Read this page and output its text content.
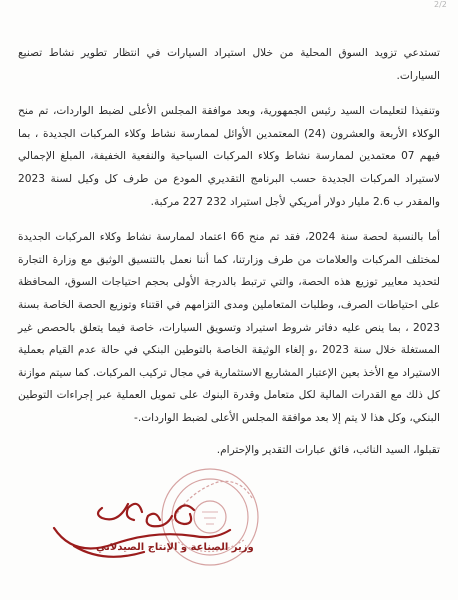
2/2

تستدعي تزويد السوق المحلية من خلال استيراد السيارات في انتظار تطوير نشاط تصنيع السيارات.

وتنفيذا لتعليمات السيد رئيس الجمهورية، وبعد موافقة المجلس الأعلى لضبط الواردات، تم منح الوكلاء الأربعة والعشرون (24) المعتمدين الأوائل لممارسة نشاط وكلاء المركبات الجديدة ، بما فيهم 07 معتمدين لممارسة نشاط وكلاء المركبات السياحية والنفعية الخفيفة، المبلغ الإجمالي لاستيراد المركبات الجديدة حسب البرنامج التقديري المودع من طرف كل وكيل لسنة 2023 والمقدر ب 2.6 مليار دولار أمريكي لأجل استيراد 232 227 مركبة.

أما بالنسبة لحصة سنة 2024، فقد تم منح 66 اعتماد لممارسة نشاط وكلاء المركبات الجديدة لمختلف المركبات والعلامات من طرف وزارتنا، كما أننا نعمل بالتنسيق الوثيق مع وزارة التجارة لتحديد معايير توزيع هذه الحصة، والتي ترتبط بالدرجة الأولى بحجم احتياجات السوق، المحافظة على احتياطات الصرف، وطلبات المتعاملين ومدى التزامهم في اقتناء وتوزيع الحصة الخاصة بسنة 2023 ، بما ينص عليه دفاتر شروط استيراد وتسويق السيارات، خاصة فيما يتعلق بالحصص غير المستغلة خلال سنة 2023 ،و إلغاء الوثيقة الخاصة بالتوطين البنكي في حالة عدم القيام بعملية الاستيراد مع الأخذ بعين الإعتبار المشاريع الاستثمارية في مجال تركيب المركبات. كما سيتم موازنة كل ذلك مع القدرات المالية لكل متعامل وقدرة البنوك على تمويل العملية عبر إجراءات التوطين البنكي، وكل هذا لا يتم إلا بعد موافقة المجلس الأعلى لضبط الواردات.-

تقبلوا، السيد النائب، فائق عبارات التقدير والإحترام.

وزير الصناعة و الإنتاج الصيدلاني
